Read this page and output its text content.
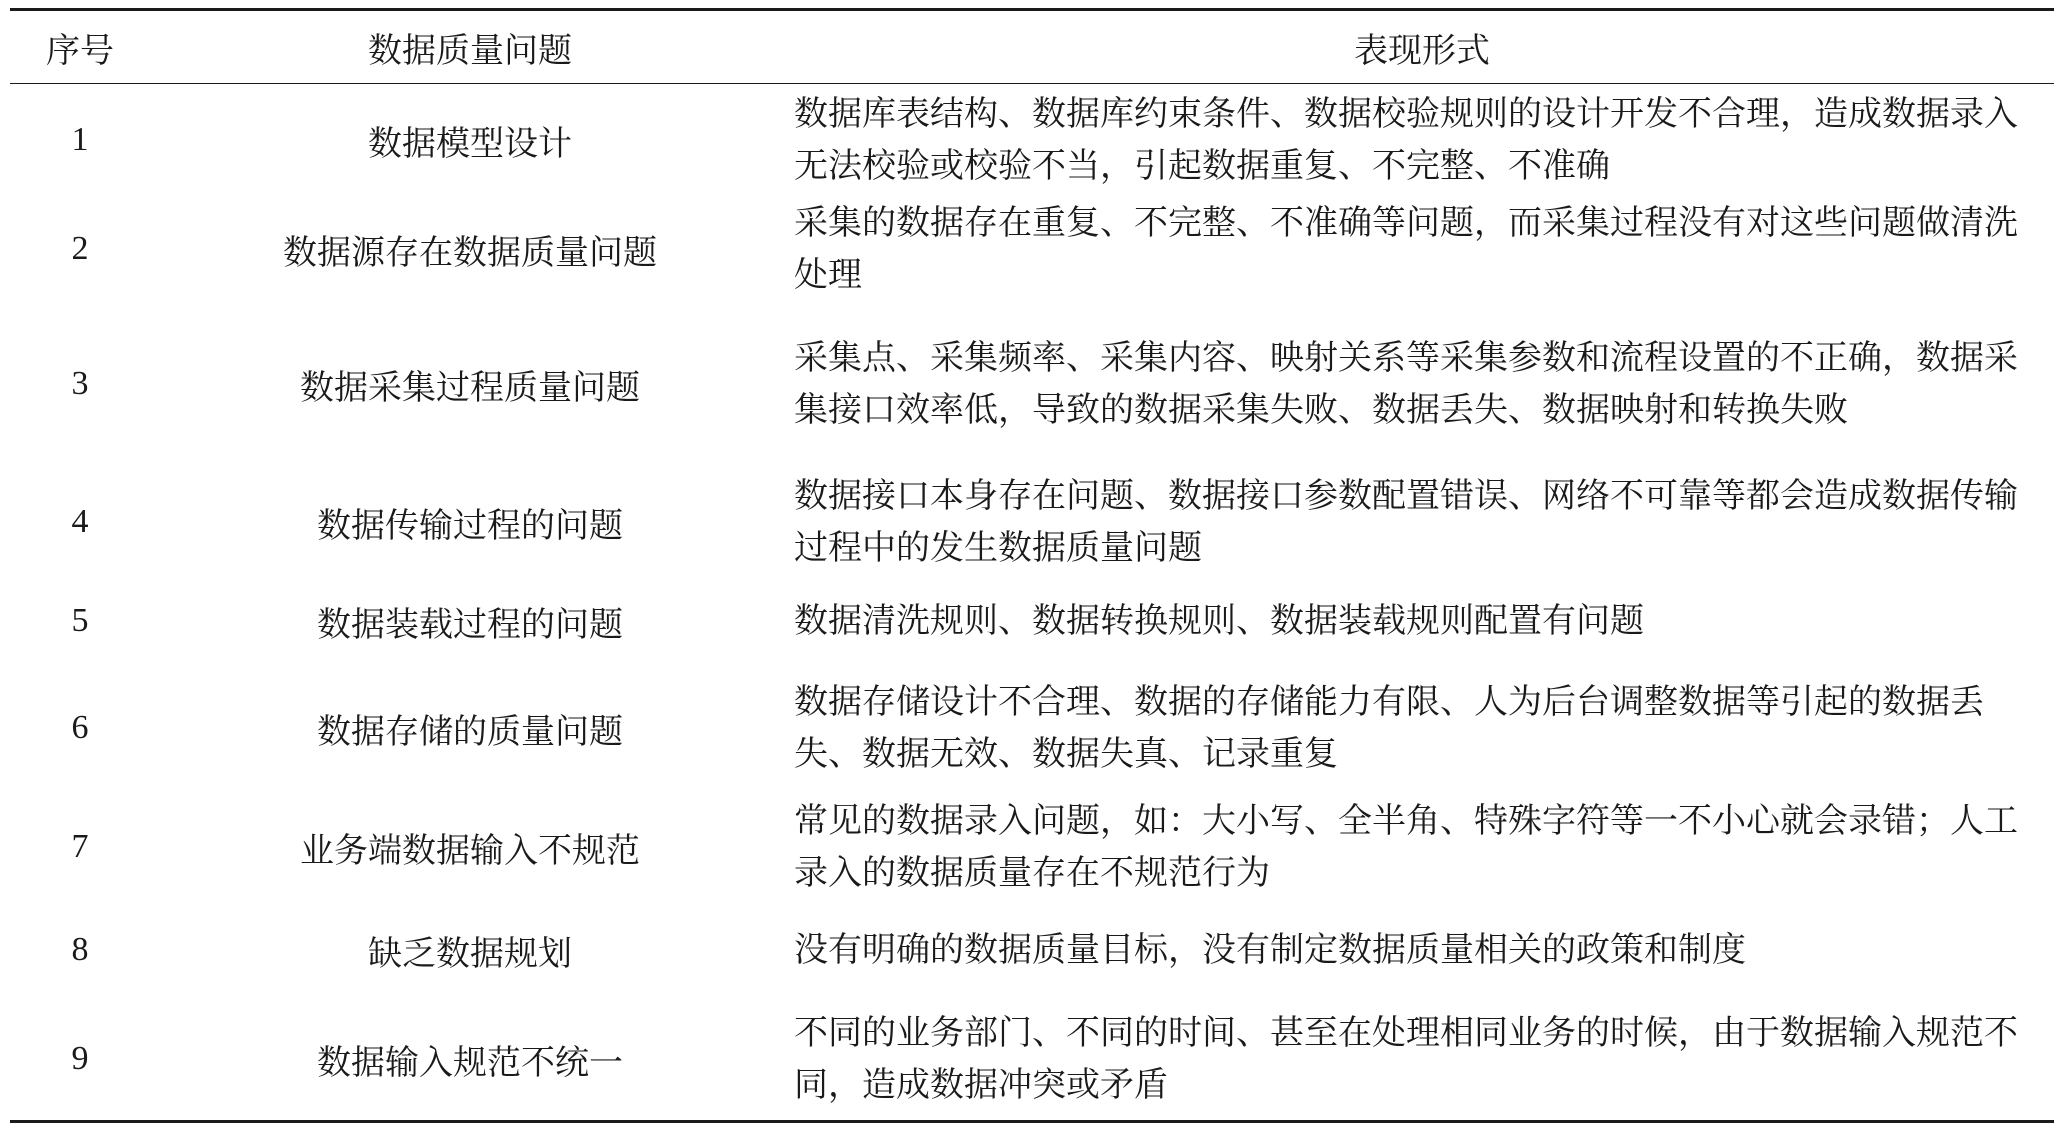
序号	数据质量问题	表现形式
1	数据模型设计	数据库表结构、数据库约束条件、数据校验规则的设计开发不合理，造成数据录入无法校验或校验不当，引起数据重复、不完整、不准确
2	数据源存在数据质量问题	采集的数据存在重复、不完整、不准确等问题，而采集过程没有对这些问题做清洗处理
3	数据采集过程质量问题	采集点、采集频率、采集内容、映射关系等采集参数和流程设置的不正确，数据采集接口效率低，导致的数据采集失败、数据丢失、数据映射和转换失败
4	数据传输过程的问题	数据接口本身存在问题、数据接口参数配置错误、网络不可靠等都会造成数据传输过程中的发生数据质量问题
5	数据装载过程的问题	数据清洗规则、数据转换规则、数据装载规则配置有问题
6	数据存储的质量问题	数据存储设计不合理、数据的存储能力有限、人为后台调整数据等引起的数据丢失、数据无效、数据失真、记录重复
7	业务端数据输入不规范	常见的数据录入问题，如：大小写、全半角、特殊字符等一不小心就会录错；人工录入的数据质量存在不规范行为
8	缺乏数据规划	没有明确的数据质量目标，没有制定数据质量相关的政策和制度
9	数据输入规范不统一	不同的业务部门、不同的时间、甚至在处理相同业务的时候，由于数据输入规范不同，造成数据冲突或矛盾
